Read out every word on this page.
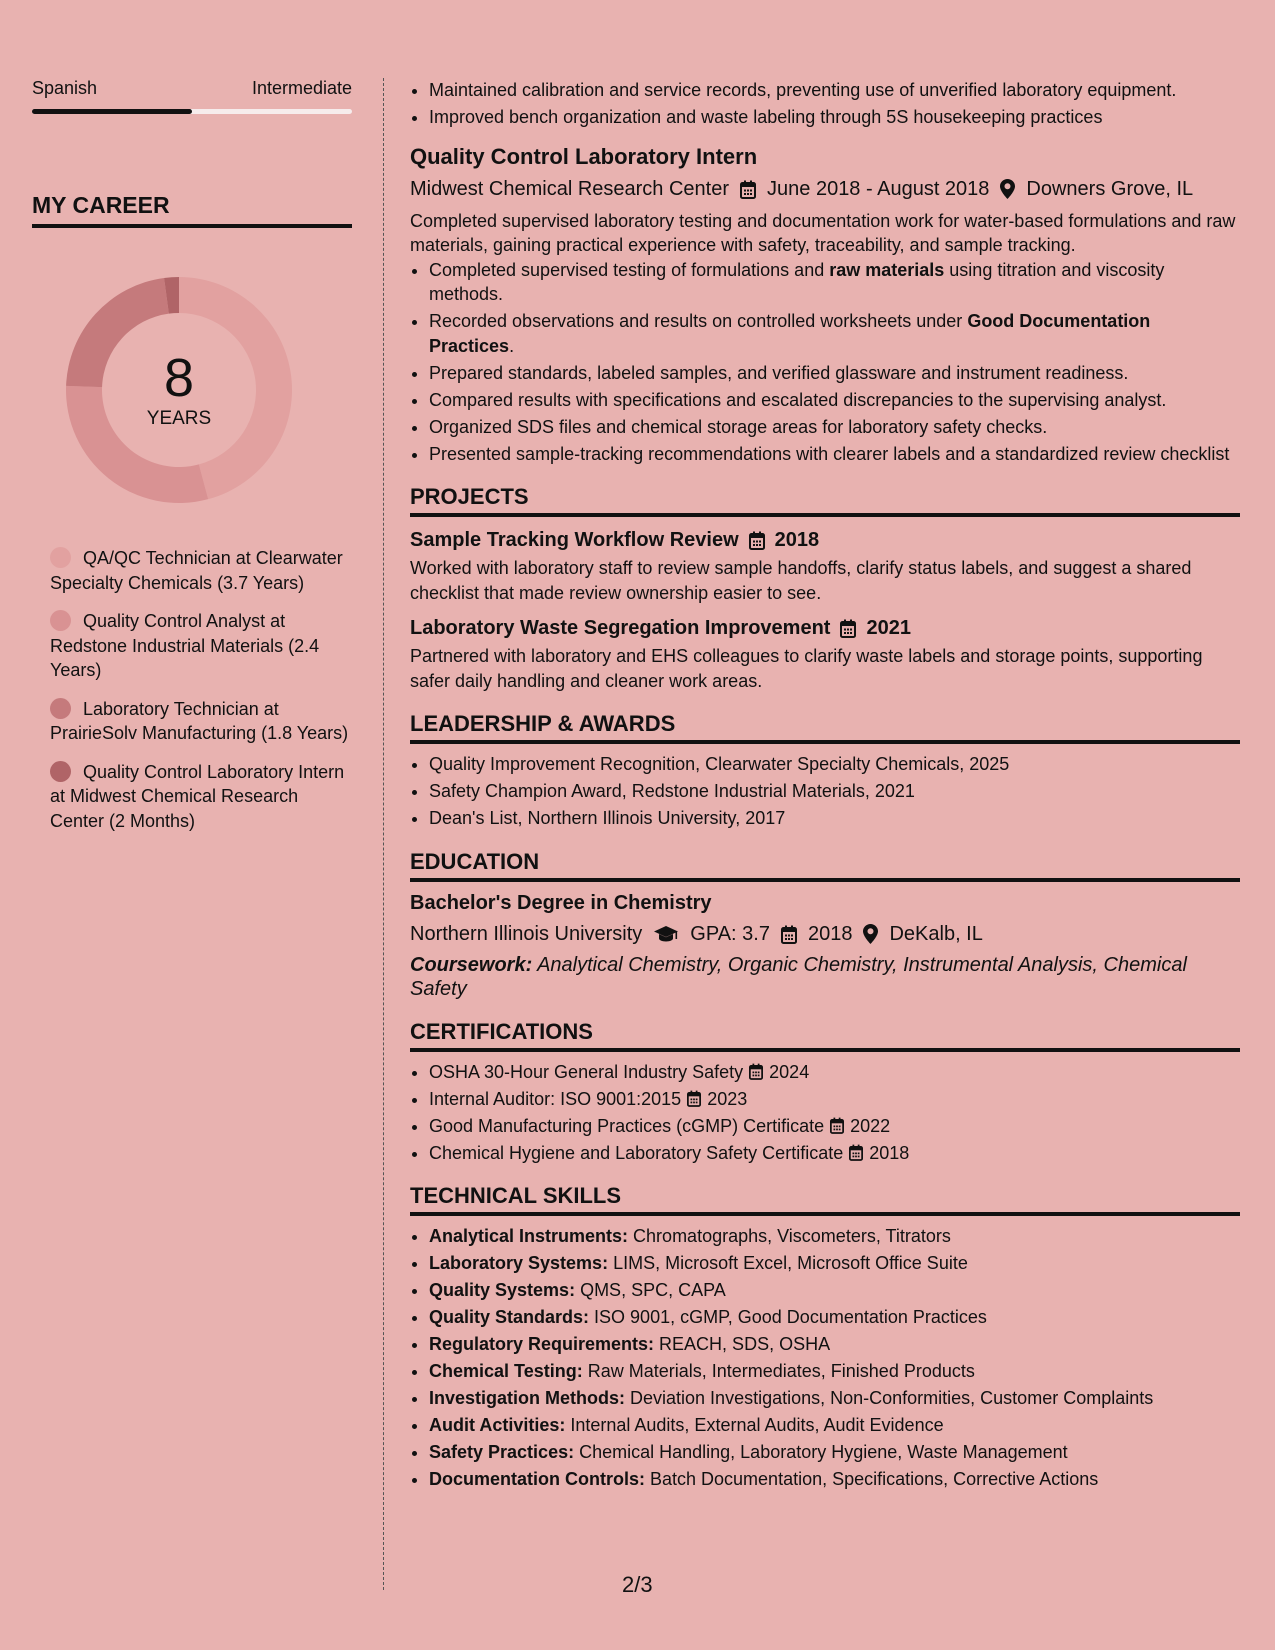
Spanish	Intermediate
MY CAREER
8
YEARS
QA/QC Technician at Clearwater Specialty Chemicals (3.7 Years)
Quality Control Analyst at Redstone Industrial Materials (2.4 Years)
Laboratory Technician at PrairieSolv Manufacturing (1.8 Years)
Quality Control Laboratory Intern at Midwest Chemical Research Center (2 Months)
• Maintained calibration and service records, preventing use of unverified laboratory equipment.
• Improved bench organization and waste labeling through 5S housekeeping practices
Quality Control Laboratory Intern
Midwest Chemical Research Center June 2018 - August 2018 Downers Grove, IL
Completed supervised laboratory testing and documentation work for water-based formulations and raw materials, gaining practical experience with safety, traceability, and sample tracking.
• Completed supervised testing of formulations and raw materials using titration and viscosity methods.
• Recorded observations and results on controlled worksheets under Good Documentation Practices.
• Prepared standards, labeled samples, and verified glassware and instrument readiness.
• Compared results with specifications and escalated discrepancies to the supervising analyst.
• Organized SDS files and chemical storage areas for laboratory safety checks.
• Presented sample-tracking recommendations with clearer labels and a standardized review checklist
PROJECTS
Sample Tracking Workflow Review 2018
Worked with laboratory staff to review sample handoffs, clarify status labels, and suggest a shared checklist that made review ownership easier to see.
Laboratory Waste Segregation Improvement 2021
Partnered with laboratory and EHS colleagues to clarify waste labels and storage points, supporting safer daily handling and cleaner work areas.
LEADERSHIP & AWARDS
• Quality Improvement Recognition, Clearwater Specialty Chemicals, 2025
• Safety Champion Award, Redstone Industrial Materials, 2021
• Dean's List, Northern Illinois University, 2017
EDUCATION
Bachelor's Degree in Chemistry
Northern Illinois University GPA: 3.7 2018 DeKalb, IL
Coursework: Analytical Chemistry, Organic Chemistry, Instrumental Analysis, Chemical Safety
CERTIFICATIONS
• OSHA 30-Hour General Industry Safety 2024
• Internal Auditor: ISO 9001:2015 2023
• Good Manufacturing Practices (cGMP) Certificate 2022
• Chemical Hygiene and Laboratory Safety Certificate 2018
TECHNICAL SKILLS
• Analytical Instruments: Chromatographs, Viscometers, Titrators
• Laboratory Systems: LIMS, Microsoft Excel, Microsoft Office Suite
• Quality Systems: QMS, SPC, CAPA
• Quality Standards: ISO 9001, cGMP, Good Documentation Practices
• Regulatory Requirements: REACH, SDS, OSHA
• Chemical Testing: Raw Materials, Intermediates, Finished Products
• Investigation Methods: Deviation Investigations, Non-Conformities, Customer Complaints
• Audit Activities: Internal Audits, External Audits, Audit Evidence
• Safety Practices: Chemical Handling, Laboratory Hygiene, Waste Management
• Documentation Controls: Batch Documentation, Specifications, Corrective Actions
2/3
